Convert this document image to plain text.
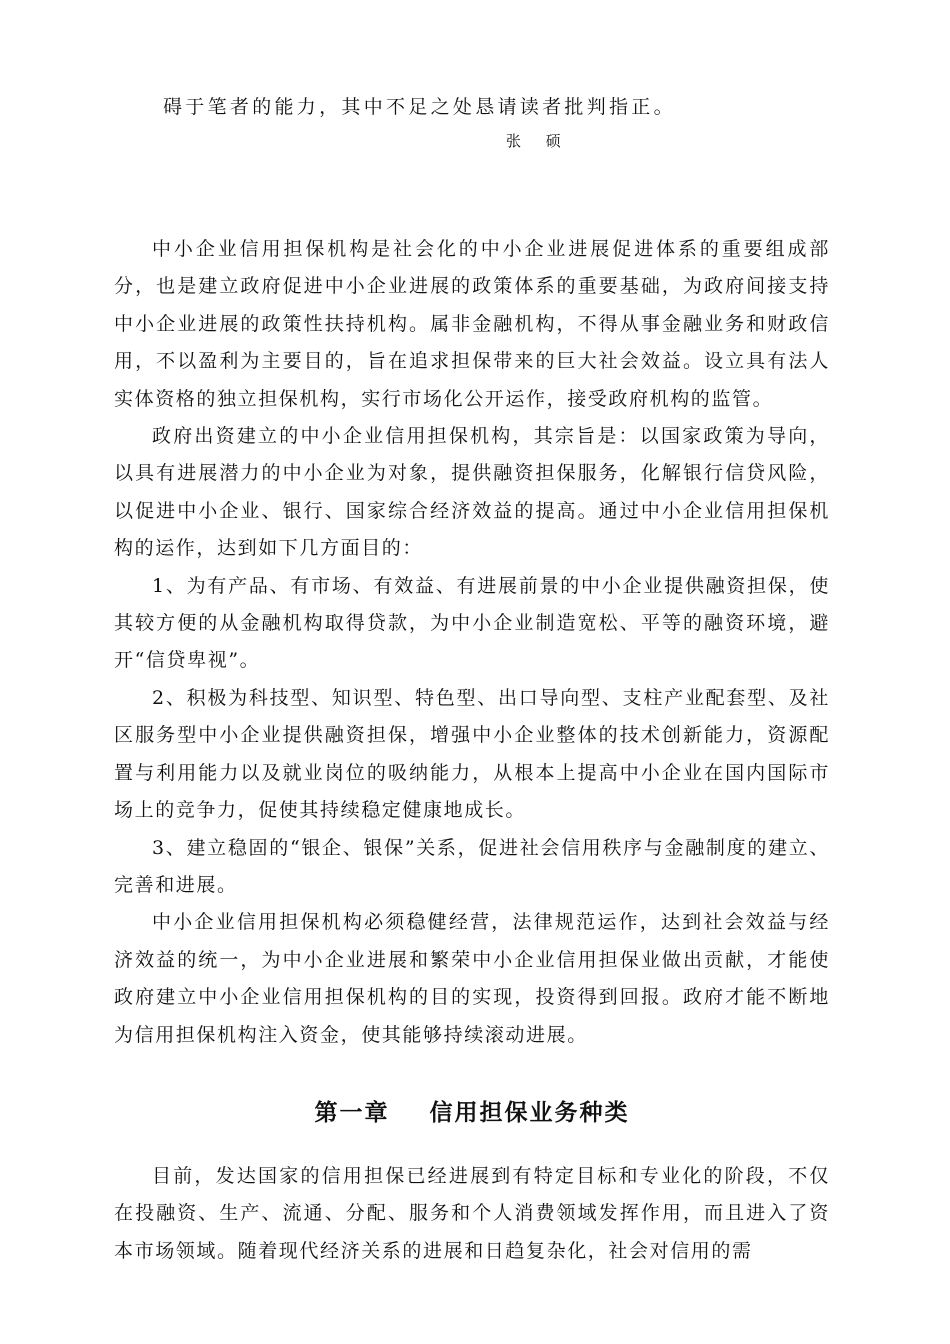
碍于笔者的能力，其中不足之处恳请读者批判指正。
张 硕

中小企业信用担保机构是社会化的中小企业进展促进体系的重要组成部分，也是建立政府促进中小企业进展的政策体系的重要基础，为政府间接支持中小企业进展的政策性扶持机构。属非金融机构，不得从事金融业务和财政信用，不以盈利为主要目的，旨在追求担保带来的巨大社会效益。设立具有法人实体资格的独立担保机构，实行市场化公开运作，接受政府机构的监管。

政府出资建立的中小企业信用担保机构，其宗旨是：以国家政策为导向，以具有进展潜力的中小企业为对象，提供融资担保服务，化解银行信贷风险，以促进中小企业、银行、国家综合经济效益的提高。通过中小企业信用担保机构的运作，达到如下几方面目的：

1、为有产品、有市场、有效益、有进展前景的中小企业提供融资担保，使其较方便的从金融机构取得贷款，为中小企业制造宽松、平等的融资环境，避开“信贷卑视”。

2、积极为科技型、知识型、特色型、出口导向型、支柱产业配套型、及社区服务型中小企业提供融资担保，增强中小企业整体的技术创新能力，资源配置与利用能力以及就业岗位的吸纳能力，从根本上提高中小企业在国内国际市场上的竞争力，促使其持续稳定健康地成长。

3、建立稳固的“银企、银保”关系，促进社会信用秩序与金融制度的建立、完善和进展。

中小企业信用担保机构必须稳健经营，法律规范运作，达到社会效益与经济效益的统一，为中小企业进展和繁荣中小企业信用担保业做出贡献，才能使政府建立中小企业信用担保机构的目的实现，投资得到回报。政府才能不断地为信用担保机构注入资金，使其能够持续滚动进展。

第一章    信用担保业务种类

目前，发达国家的信用担保已经进展到有特定目标和专业化的阶段，不仅在投融资、生产、流通、分配、服务和个人消费领域发挥作用，而且进入了资本市场领域。随着现代经济关系的进展和日趋复杂化，社会对信用的需
